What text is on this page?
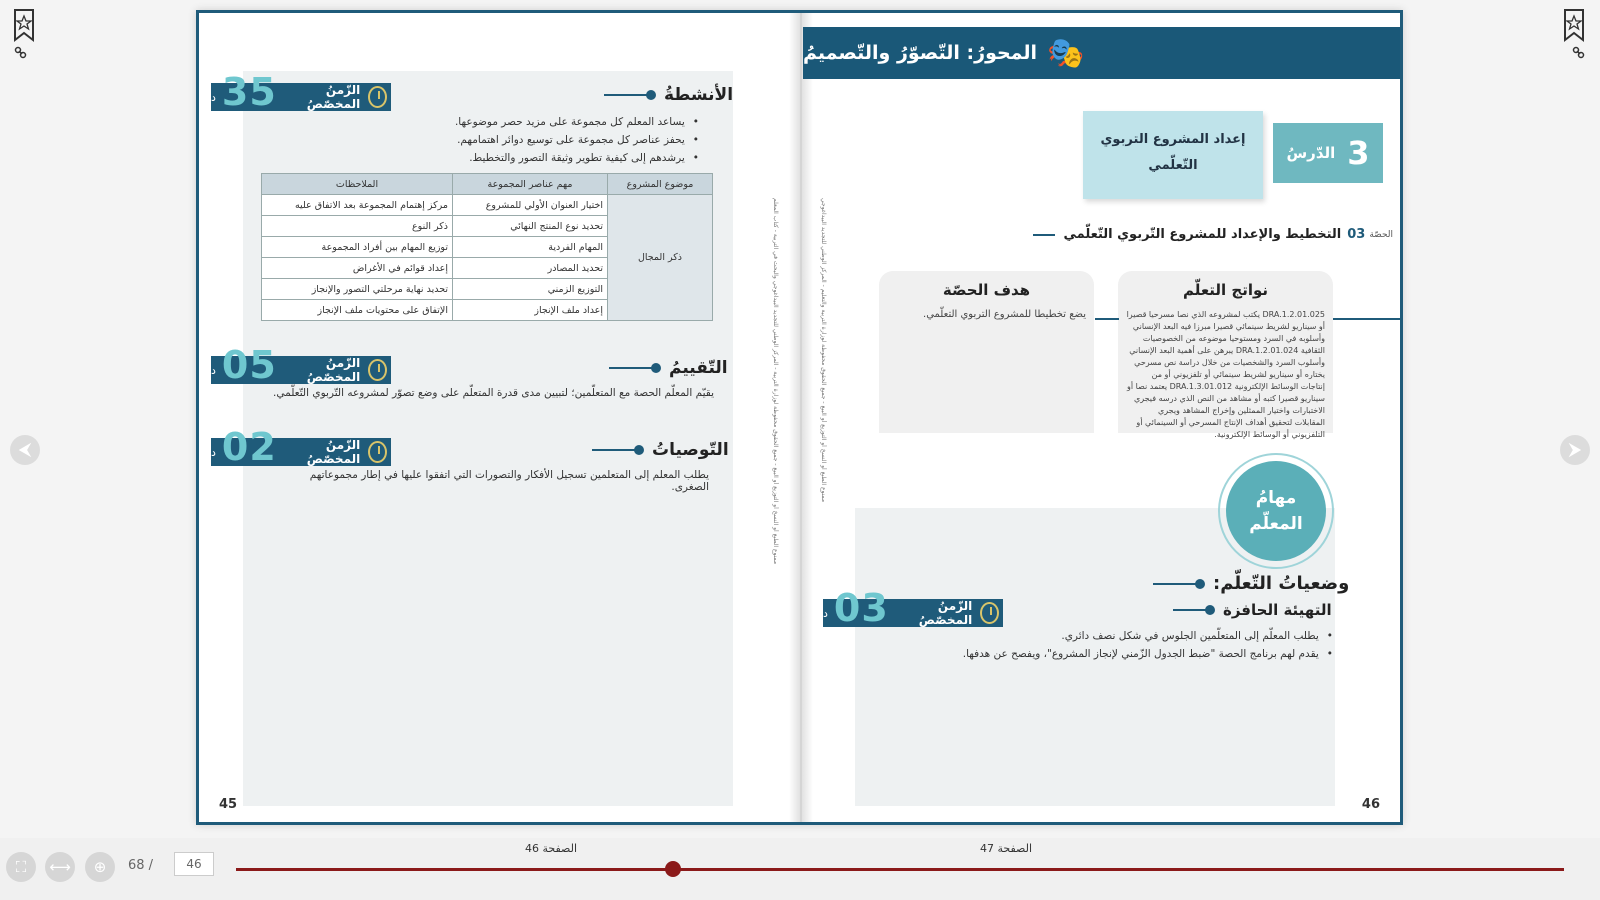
⮜	⮞
الزّمنُ المخصّصُ
35
د	الأنشطةُ
• يساعد المعلم كل مجموعة على مزيد حصر موضوعها.
• يحفز عناصر كل مجموعة على توسيع دوائر اهتمامهم.
• يرشدهم إلى كيفية تطوير وثيقة التصور والتخطيط.
موضوع المشروع	مهم عناصر المجموعة	الملاحظات
ذكر المجال	اختيار العنوان الأولي للمشروع	مركز إهتمام المجموعة بعد الاتفاق عليه
	تحديد نوع المنتج النهائي	ذكر النوع
	المهام الفردية	توزيع المهام بين أفراد المجموعة
	تحديد المصادر	إعداد قوائم في الأغراض
	التوزيع الزمني	تحديد نهاية مرحلتي التصور والإنجاز
	إعداد ملف الإنجاز	الإتفاق على محتويات ملف الإنجاز
الزّمنُ المخصّصُ
05
د	التّقييمُ
يقيّم المعلّم الحصة مع المتعلّمين؛ لتبيين مدى قدرة المتعلّم على وضع تصوّر لمشروعه التّربوي التّعلّمي.
الزّمنُ المخصّصُ
02
د	التّوصياتُ
يطلب المعلم إلى المتعلمين تسجيل الأفكار والتصورات التي اتفقوا عليها في إطار مجموعاتهم الصغرى.	ممنوع الطبع أو النسخ أو التوزيع أو البيع - جميع الحقوق محفوظة لوزارة التربية - المركز الوطني للتجديد البيداغوجي والبحث في التربية - كتاب المعلم
45
🎭
المحورُ: التّصوّرُ والتّصميمُ
3
الدّرسُ
إعداد المشروع التربوي
التّعلّمي
الحصّة
03
التخطيط والإعداد للمشروع التّربوي التّعلّمي
نواتج التعلّم
DRA.1.2.01.025 يكتب لمشروعه الذي نصا مسرحيا قصيرا أو سيناريو لشريط سينمائي قصيرا مبرزا فيه البعد الإنساني وأسلوبه في السرد ومستوحيا موضوعه من الخصوصيات الثقافية DRA.1.2.01.024 يبرهن على أهمية البعد الإنساني وأسلوب السرد والشخصيات من خلال دراسة نص مسرحي يختاره أو سيناريو لشريط سينمائي أو تلفزيوني أو من إنتاجات الوسائط الإلكترونية DRA.1.3.01.012 يعتمد نصا أو سيناريو قصيرا كتبه أو مشاهد من النص الذي درسه فيجري الاختبارات واختيار الممثلين وإخراج المشاهد ويجري المقابلات لتحقيق أهداف الإنتاج المسرحي أو السينمائي أو التلفزيوني أو الوسائط الإلكترونية.
هدف الحصّة
يضع تخطيطا للمشروع التربوي التعلّمي.
مهامُ
المعلّم
وضعياتُ التّعلّم:
الزّمنُ المخصّصُ
03
د	التهيئة الحافزة
• يطلب المعلّم إلى المتعلّمين الجلوس في شكل نصف دائري.
• يقدم لهم برنامج الحصة "ضبط الجدول الزّمني لإنجاز المشروع"، ويفصح عن هدفها.
ممنوع الطبع أو النسخ أو التوزيع أو البيع - جميع الحقوق محفوظة لوزارة التربية والتعليم - المركز الوطني للتجديد البيداغوجي
46
⛶	⟷	⊕	68 /
46
الصفحة 46	الصفحة 47
